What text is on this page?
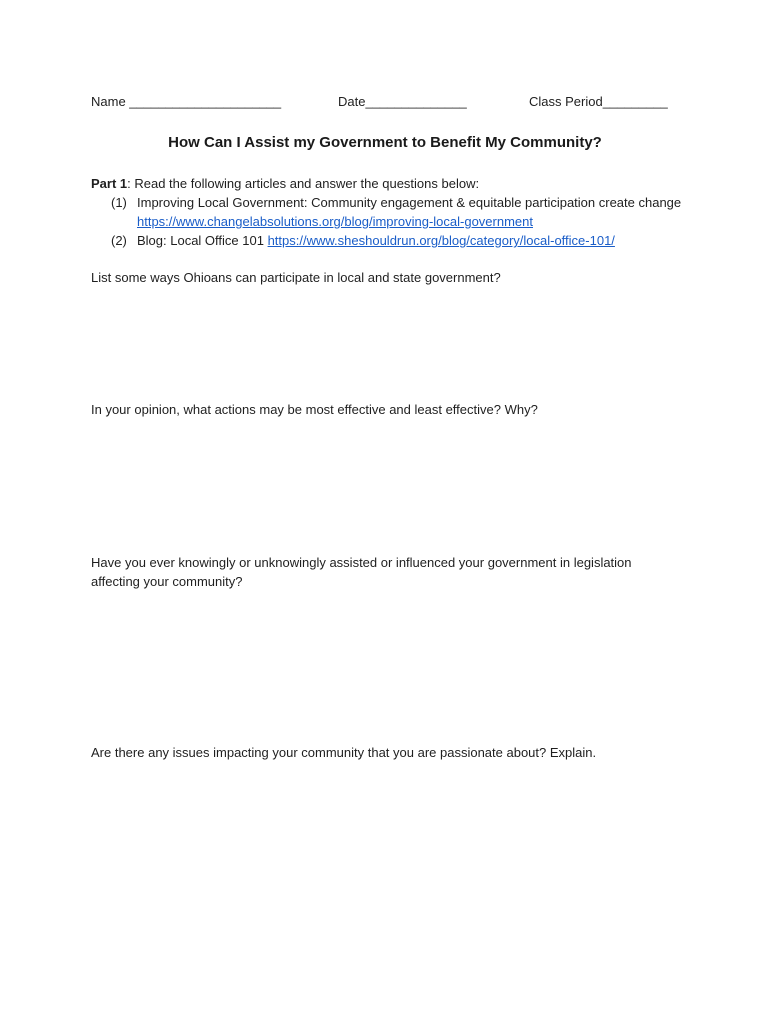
Name _____________________	Date______________	Class Period_________
How Can I Assist my Government to Benefit My Community?
Part 1: Read the following articles and answer the questions below:
(1) Improving Local Government: Community engagement & equitable participation create change https://www.changelabsolutions.org/blog/improving-local-government
(2) Blog: Local Office 101 https://www.sheshouldrun.org/blog/category/local-office-101/
List some ways Ohioans can participate in local and state government?
In your opinion, what actions may be most effective and least effective? Why?
Have you ever knowingly or unknowingly assisted or influenced your government in legislation affecting your community?
Are there any issues impacting your community that you are passionate about? Explain.
